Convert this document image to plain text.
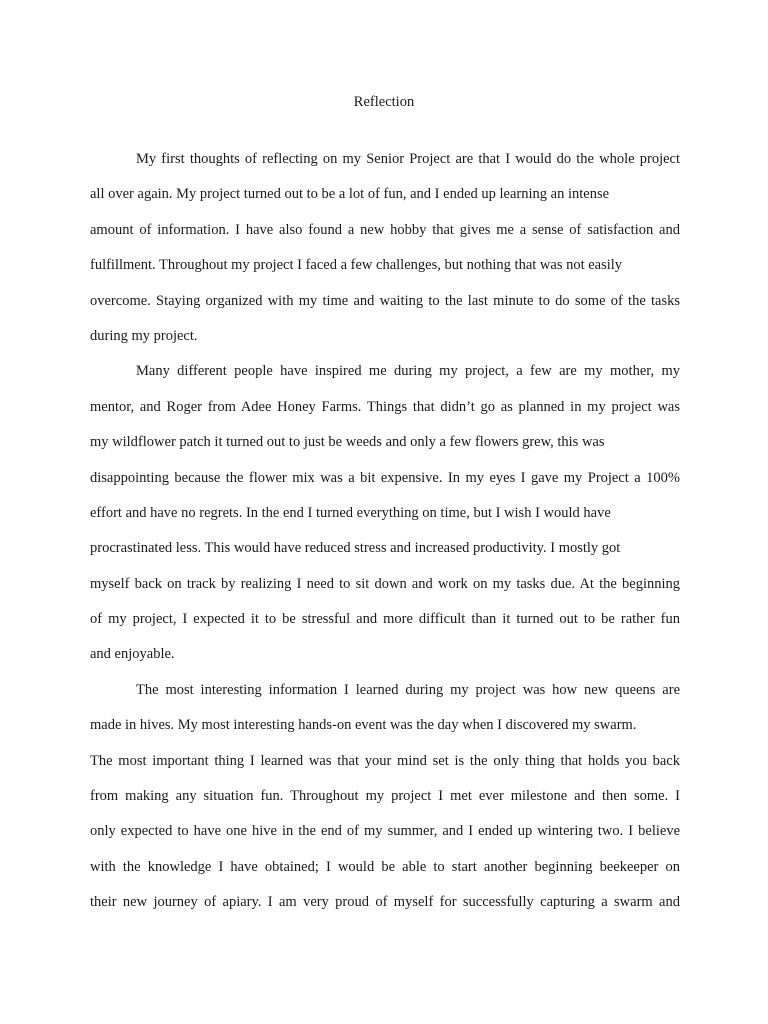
Reflection
My first thoughts of reflecting on my Senior Project are that I would do the whole project
all over again. My project turned out to be a lot of fun, and I ended up learning an intense
amount of information. I have also found a new hobby that gives me a sense of satisfaction and
fulfillment. Throughout my project I faced a few challenges, but nothing that was not easily
overcome. Staying organized with my time and waiting to the last minute to do some of the tasks
during my project.
Many different people have inspired me during my project, a few are my mother, my
mentor, and Roger from Adee Honey Farms. Things that didn’t go as planned in my project was
my wildflower patch it turned out to just be weeds and only a few flowers grew, this was
disappointing because the flower mix was a bit expensive. In my eyes I gave my Project a 100%
effort and have no regrets. In the end I turned everything on time, but I wish I would have
procrastinated less. This would have reduced stress and increased productivity. I mostly got
myself back on track by realizing I need to sit down and work on my tasks due. At the beginning
of my project, I expected it to be stressful and more difficult than it turned out to be rather fun
and enjoyable.
The most interesting information I learned during my project was how new queens are
made in hives. My most interesting hands-on event was the day when I discovered my swarm.
The most important thing I learned was that your mind set is the only thing that holds you back
from making any situation fun. Throughout my project I met ever milestone and then some. I
only expected to have one hive in the end of my summer, and I ended up wintering two. I believe
with the knowledge I have obtained; I would be able to start another beginning beekeeper on
their new journey of apiary. I am very proud of myself for successfully capturing a swarm and
